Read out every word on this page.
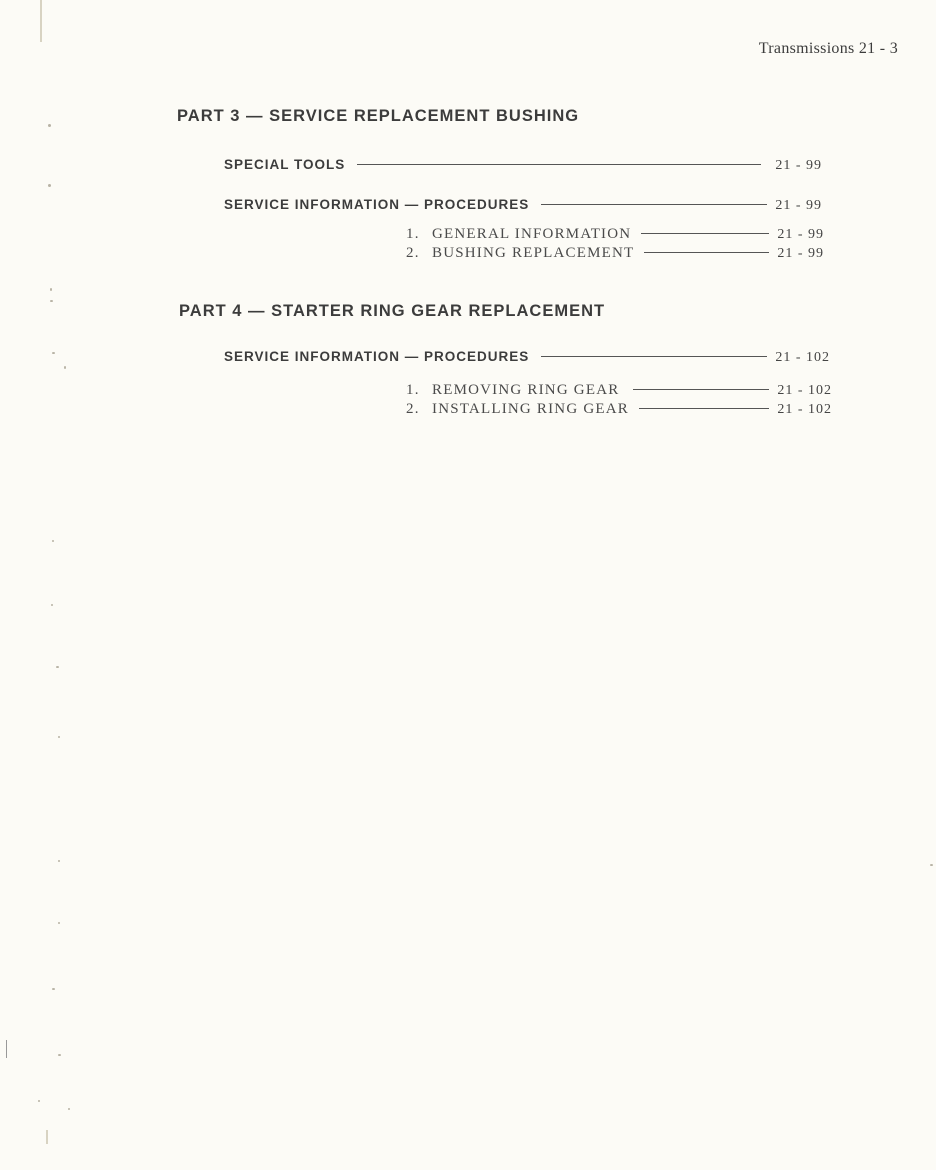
Transmissions 21 - 3
PART 3 — SERVICE REPLACEMENT BUSHING
SPECIAL TOOLS	21 - 99
SERVICE INFORMATION — PROCEDURES	21 - 99
1. GENERAL INFORMATION	21 - 99
2. BUSHING REPLACEMENT	21 - 99
PART 4 — STARTER RING GEAR REPLACEMENT
SERVICE INFORMATION — PROCEDURES	21 - 102
1. REMOVING RING GEAR	21 - 102
2. INSTALLING RING GEAR	21 - 102
